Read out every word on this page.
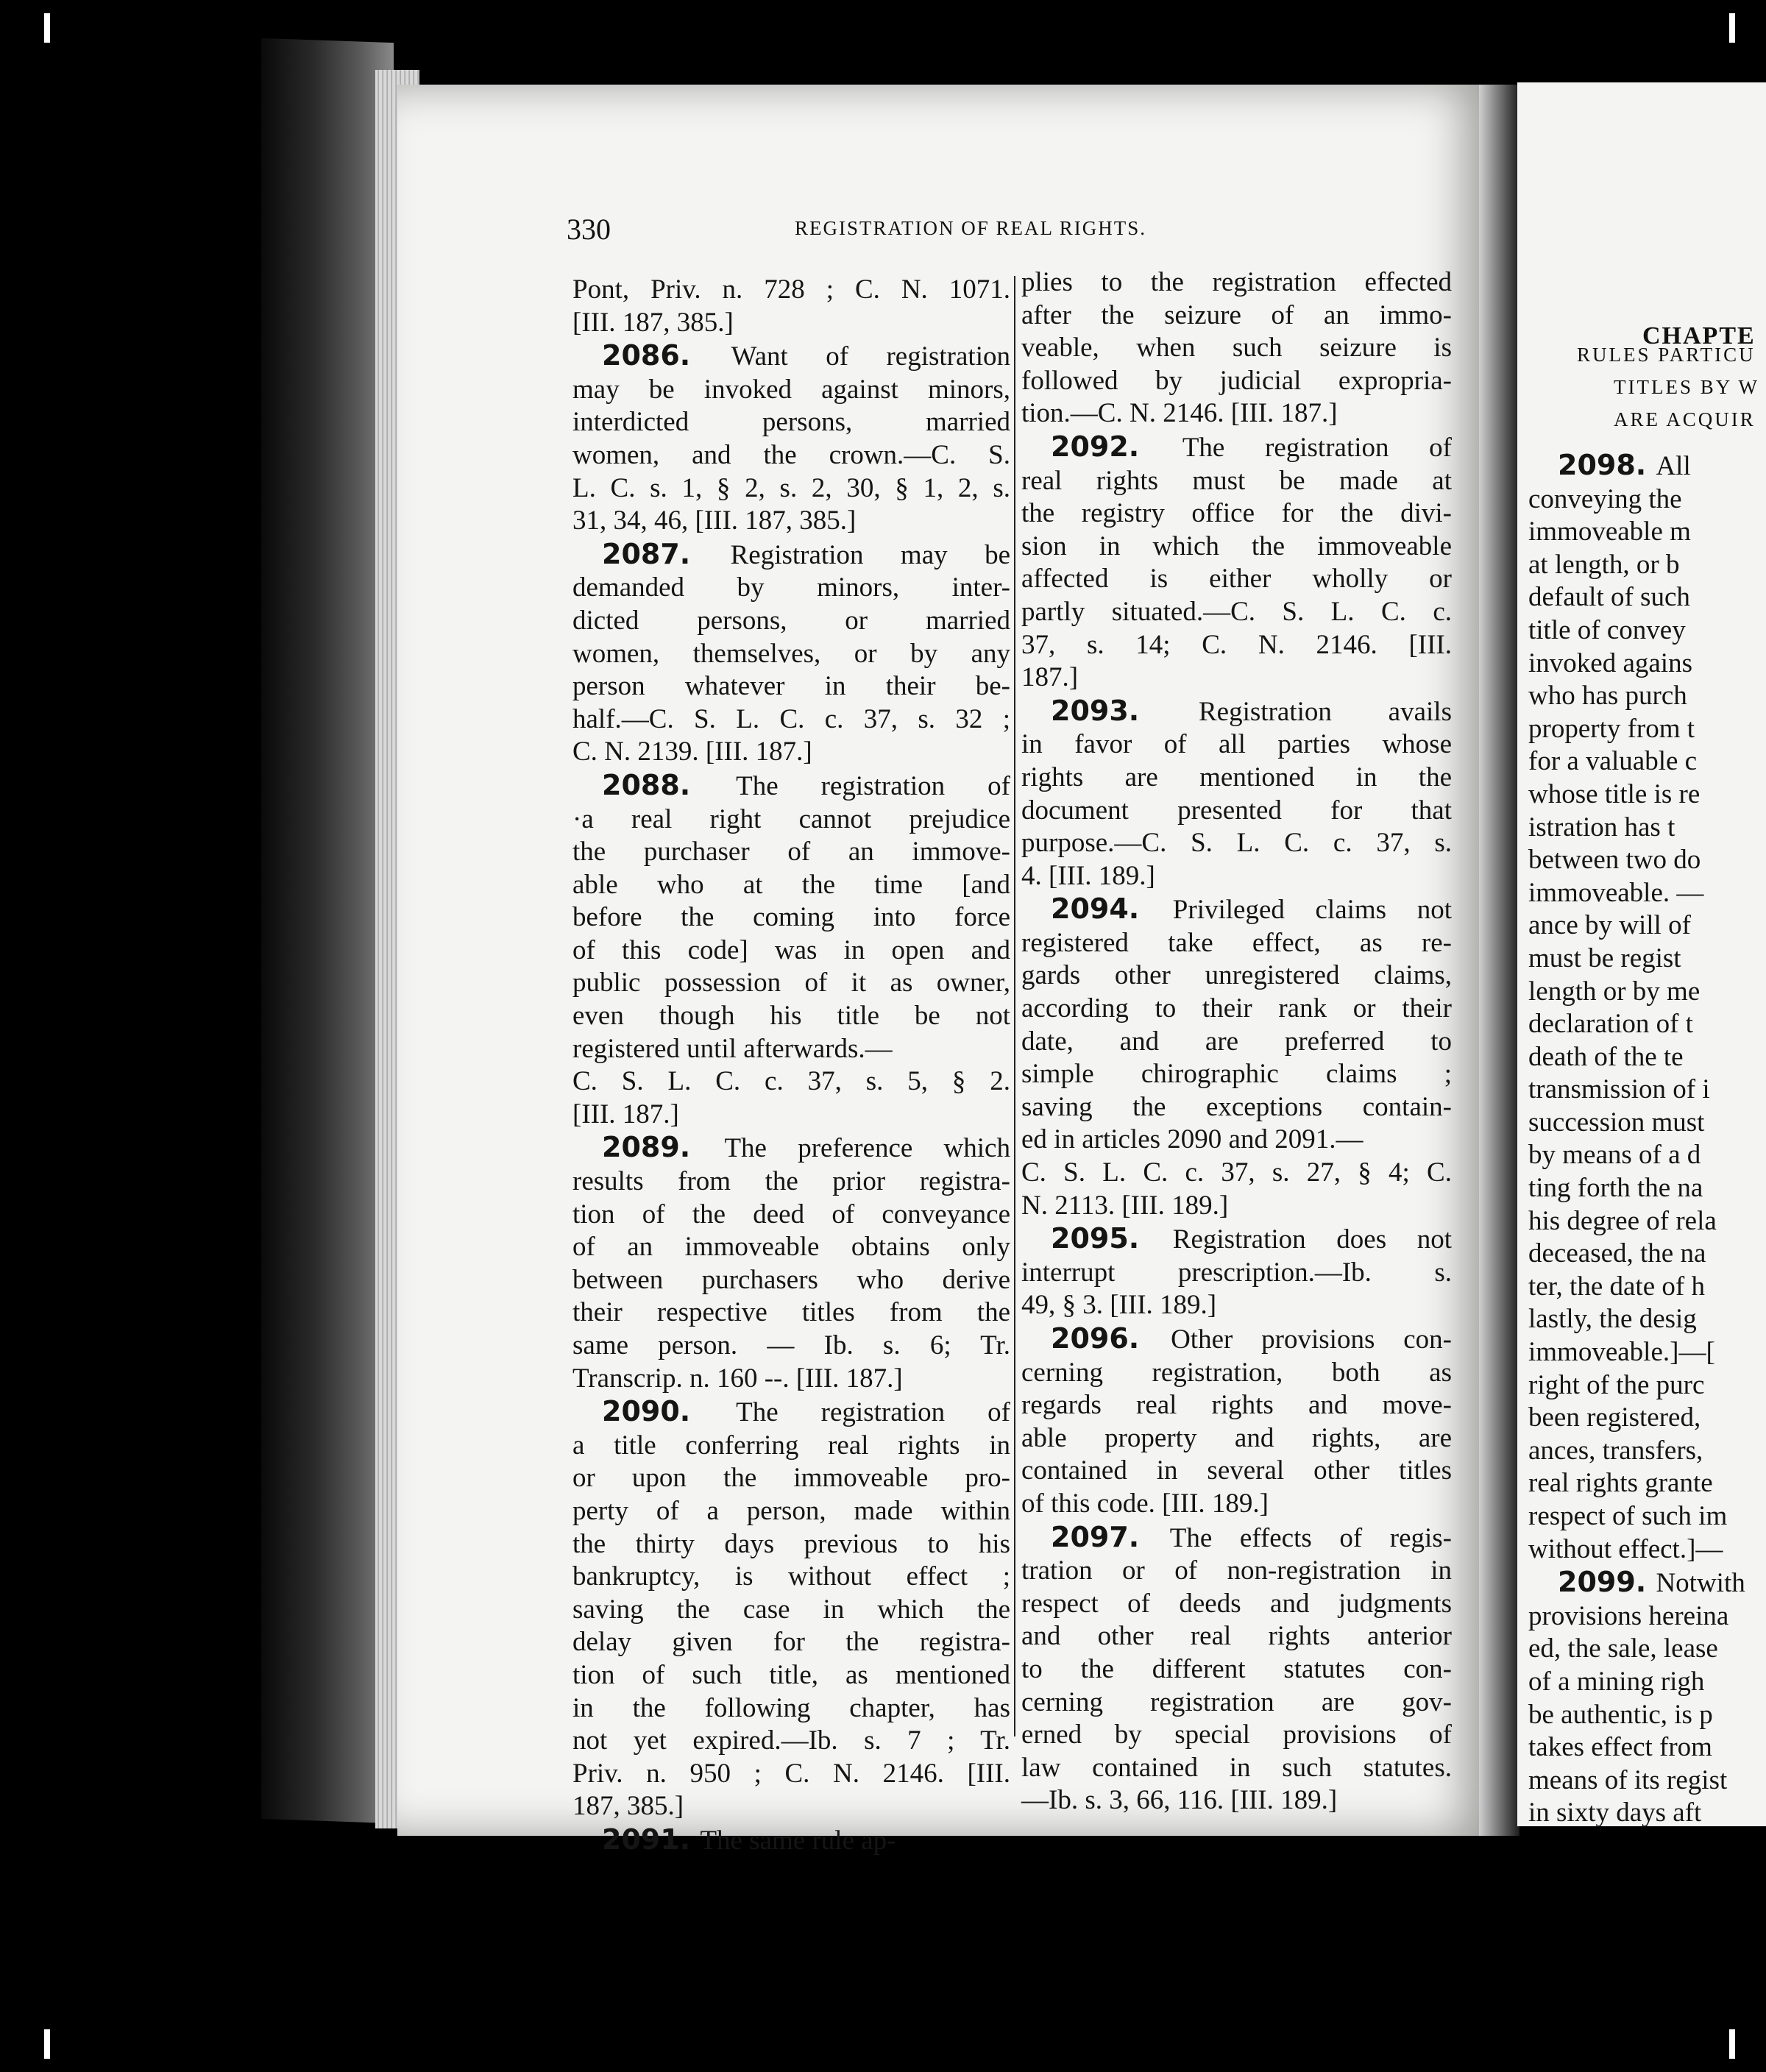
330	REGISTRATION OF REAL RIGHTS.
Pont, Priv. n. 728 ; C. N. 1071.
[III. 187, 385.]
2086. Want of registration
may be invoked against minors,
interdicted persons, married
women, and the crown.—C. S.
L. C. s. 1, § 2, s. 2, 30, § 1, 2, s.
31, 34, 46, [III. 187, 385.]
2087. Registration may be
demanded by minors, inter-
dicted persons, or married
women, themselves, or by any
person whatever in their be-
half.—C. S. L. C. c. 37, s. 32 ;
C. N. 2139. [III. 187.]
2088. The registration of
·a real right cannot prejudice
the purchaser of an immove-
able who at the time [and
before the coming into force
of this code] was in open and
public possession of it as owner,
even though his title be not
registered until afterwards.—
C. S. L. C. c. 37, s. 5, § 2.
[III. 187.]
2089. The preference which
results from the prior registra-
tion of the deed of conveyance
of an immoveable obtains only
between purchasers who derive
their respective titles from the
same person. — Ib. s. 6; Tr.
Transcrip. n. 160 --. [III. 187.]
2090. The registration of
a title conferring real rights in
or upon the immoveable pro-
perty of a person, made within
the thirty days previous to his
bankruptcy, is without effect ;
saving the case in which the
delay given for the registra-
tion of such title, as mentioned
in the following chapter, has
not yet expired.—Ib. s. 7 ; Tr.
Priv. n. 950 ; C. N. 2146. [III.
187, 385.]
2091. The same rule ap-
plies to the registration effected
after the seizure of an immo-
veable, when such seizure is
followed by judicial expropria-
tion.—C. N. 2146. [III. 187.]
2092. The registration of
real rights must be made at
the registry office for the divi-
sion in which the immoveable
affected is either wholly or
partly situated.—C. S. L. C. c.
37, s. 14; C. N. 2146. [III.
187.]
2093. Registration avails
in favor of all parties whose
rights are mentioned in the
document presented for that
purpose.—C. S. L. C. c. 37, s.
4. [III. 189.]
2094. Privileged claims not
registered take effect, as re-
gards other unregistered claims,
according to their rank or their
date, and are preferred to
simple chirographic claims ;
saving the exceptions contain-
ed in articles 2090 and 2091.—
C. S. L. C. c. 37, s. 27, § 4; C.
N. 2113. [III. 189.]
2095. Registration does not
interrupt prescription.—Ib. s.
49, § 3. [III. 189.]
2096. Other provisions con-
cerning registration, both as
regards real rights and move-
able property and rights, are
contained in several other titles
of this code. [III. 189.]
2097. The effects of regis-
tration or of non-registration in
respect of deeds and judgments
and other real rights anterior
to the different statutes con-
cerning registration are gov-
erned by special provisions of
law contained in such statutes.
—Ib. s. 3, 66, 116. [III. 189.]
CHAPTE
RULES PARTICU
TITLES BY W
ARE ACQUIR
2098. All
conveying the
immoveable m
at length, or b
default of such
title of convey
invoked agains
who has purch
property from t
for a valuable c
whose title is re
istration has t
between two do
immoveable. —
ance by will of
must be regist
length or by me
declaration of t
death of the te
transmission of i
succession must
by means of a d
ting forth the na
his degree of rela
deceased, the na
ter, the date of h
lastly, the desig
immoveable.]—[
right of the purc
been registered,
ances, transfers,
real rights grante
respect of such im
without effect.]—
2099. Notwith
provisions hereina
ed, the sale, lease
of a mining righ
be authentic, is p
takes effect from
means of its regist
in sixty days aft
